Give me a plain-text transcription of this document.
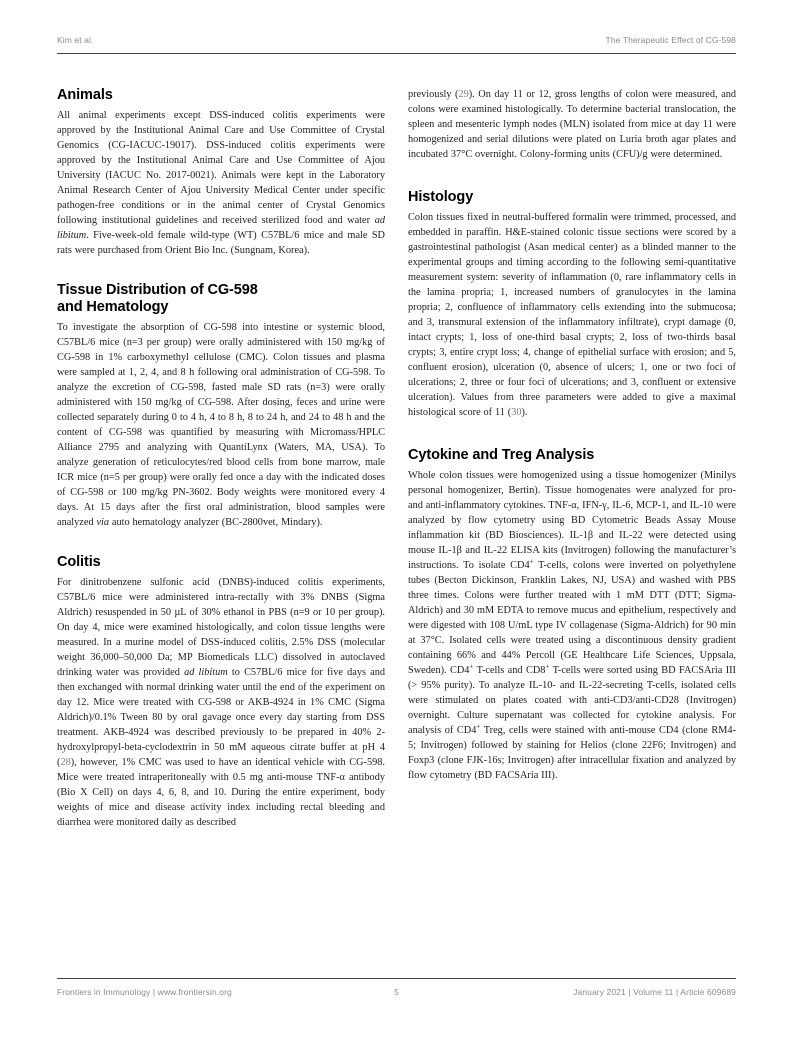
Kim et al.	The Therapeutic Effect of CG-598
Animals

All animal experiments except DSS-induced colitis experiments were approved by the Institutional Animal Care and Use Committee of Crystal Genomics (CG-IACUC-19017). DSS-induced colitis experiments were approved by the Institutional Animal Care and Use Committee of Ajou University (IACUC No. 2017-0021). Animals were kept in the Laboratory Animal Research Center of Ajou University Medical Center under specific pathogen-free conditions or in the animal center of Crystal Genomics following institutional guidelines and received sterilized food and water ad libitum. Five-week-old female wild-type (WT) C57BL/6 mice and male SD rats were purchased from Orient Bio Inc. (Sungnam, Korea).

Tissue Distribution of CG-598
and Hematology

To investigate the absorption of CG-598 into intestine or systemic blood, C57BL/6 mice (n=3 per group) were orally administered with 150 mg/kg of CG-598 in 1% carboxymethyl cellulose (CMC). Colon tissues and plasma were sampled at 1, 2, 4, and 8 h following oral administration of CG-598. To analyze the excretion of CG-598, fasted male SD rats (n=3) were orally administered with 150 mg/kg of CG-598. After dosing, feces and urine were collected separately during 0 to 4 h, 4 to 8 h, 8 to 24 h, and 24 to 48 h and the content of CG-598 was quantified by measuring with Micromass/HPLC Alliance 2795 and analyzing with QuantiLynx (Waters, MA, USA). To analyze generation of reticulocytes/red blood cells from bone marrow, male ICR mice (n=5 per group) were orally fed once a day with the indicated doses of CG-598 or 100 mg/kg PN-3602. Body weights were monitored every 4 days. At 15 days after the first oral administration, blood samples were analyzed via auto hematology analyzer (BC-2800vet, Mindary).

Colitis

For dinitrobenzene sulfonic acid (DNBS)-induced colitis experiments, C57BL/6 mice were administered intra-rectally with 3% DNBS (Sigma Aldrich) resuspended in 50 µL of 30% ethanol in PBS (n=9 or 10 per group). On day 4, mice were examined histologically, and colon tissue lengths were measured. In a murine model of DSS-induced colitis, 2.5% DSS (molecular weight 36,000–50,000 Da; MP Biomedicals LLC) dissolved in autoclaved drinking water was provided ad libitum to C57BL/6 mice for five days and then exchanged with normal drinking water until the end of the experiment on day 12. Mice were treated with CG-598 or AKB-4924 in 1% CMC (Sigma Aldrich)/0.1% Tween 80 by oral gavage once every day starting from DSS treatment. AKB-4924 was described previously to be prepared in 40% 2-hydroxylpropyl-beta-cyclodextrin in 50 mM aqueous citrate buffer at pH 4 (28), however, 1% CMC was used to have an identical vehicle with CG-598. Mice were treated intraperitoneally with 0.5 mg anti-mouse TNF-α antibody (Bio X Cell) on days 4, 6, 8, and 10. During the entire experiment, body weights of mice and disease activity index including rectal bleeding and diarrhea were monitored daily as described

previously (29). On day 11 or 12, gross lengths of colon were measured, and colons were examined histologically. To determine bacterial translocation, the spleen and mesenteric lymph nodes (MLN) isolated from mice at day 11 were homogenized and serial dilutions were plated on Luria broth agar plates and incubated 37°C overnight. Colony-forming units (CFU)/g were determined.

Histology

Colon tissues fixed in neutral-buffered formalin were trimmed, processed, and embedded in paraffin. H&E-stained colonic tissue sections were scored by a gastrointestinal pathologist (Asan medical center) as a blinded manner to the experimental groups and timing according to the following semi-quantitative measurement system: severity of inflammation (0, rare inflammatory cells in the lamina propria; 1, increased numbers of granulocytes in the lamina propria; 2, confluence of inflammatory cells extending into the submucosa; and 3, transmural extension of the inflammatory infiltrate), crypt damage (0, intact crypts; 1, loss of one-third basal crypts; 2, loss of two-thirds basal crypts; 3, entire crypt loss; 4, change of epithelial surface with erosion; and 5, confluent erosion), ulceration (0, absence of ulcers; 1, one or two foci of ulcerations; 2, three or four foci of ulcerations; and 3, confluent or extensive ulceration). Values from three parameters were added to give a maximal histological score of 11 (30).

Cytokine and Treg Analysis

Whole colon tissues were homogenized using a tissue homogenizer (Minilys personal homogenizer, Bertin). Tissue homogenates were analyzed for pro- and anti-inflammatory cytokines. TNF-α, IFN-γ, IL-6, MCP-1, and IL-10 were analyzed by flow cytometry using BD Cytometric Beads Assay Mouse inflammation kit (BD Biosciences). IL-1β and IL-22 were detected using mouse IL-1β and IL-22 ELISA kits (Invitrogen) following the manufacturer’s instructions. To isolate CD4+ T-cells, colons were inverted on polyethylene tubes (Becton Dickinson, Franklin Lakes, NJ, USA) and washed with PBS three times. Colons were further treated with 1 mM DTT (DTT; Sigma-Aldrich) and 30 mM EDTA to remove mucus and epithelium, respectively and were digested with 108 U/mL type IV collagenase (Sigma-Aldrich) for 90 min at 37°C. Isolated cells were treated using a discontinuous density gradient containing 66% and 44% Percoll (GE Healthcare Life Sciences, Uppsala, Sweden). CD4+ T-cells and CD8+ T-cells were sorted using BD FACSAria III (> 95% purity). To analyze IL-10- and IL-22-secreting T-cells, isolated cells were stimulated on plates coated with anti-CD3/anti-CD28 (Invitrogen) overnight. Culture supernatant was collected for cytokine analysis. For analysis of CD4+ Treg, cells were stained with anti-mouse CD4 (clone RM4-5; Invitrogen) followed by staining for Helios (clone 22F6; Invitrogen) and Foxp3 (clone FJK-16s; Invitrogen) after intracellular fixation and analyzed by flow cytometry (BD FACSAria III).

Frontiers in Immunology | www.frontiersin.org	5	January 2021 | Volume 11 | Article 609689
